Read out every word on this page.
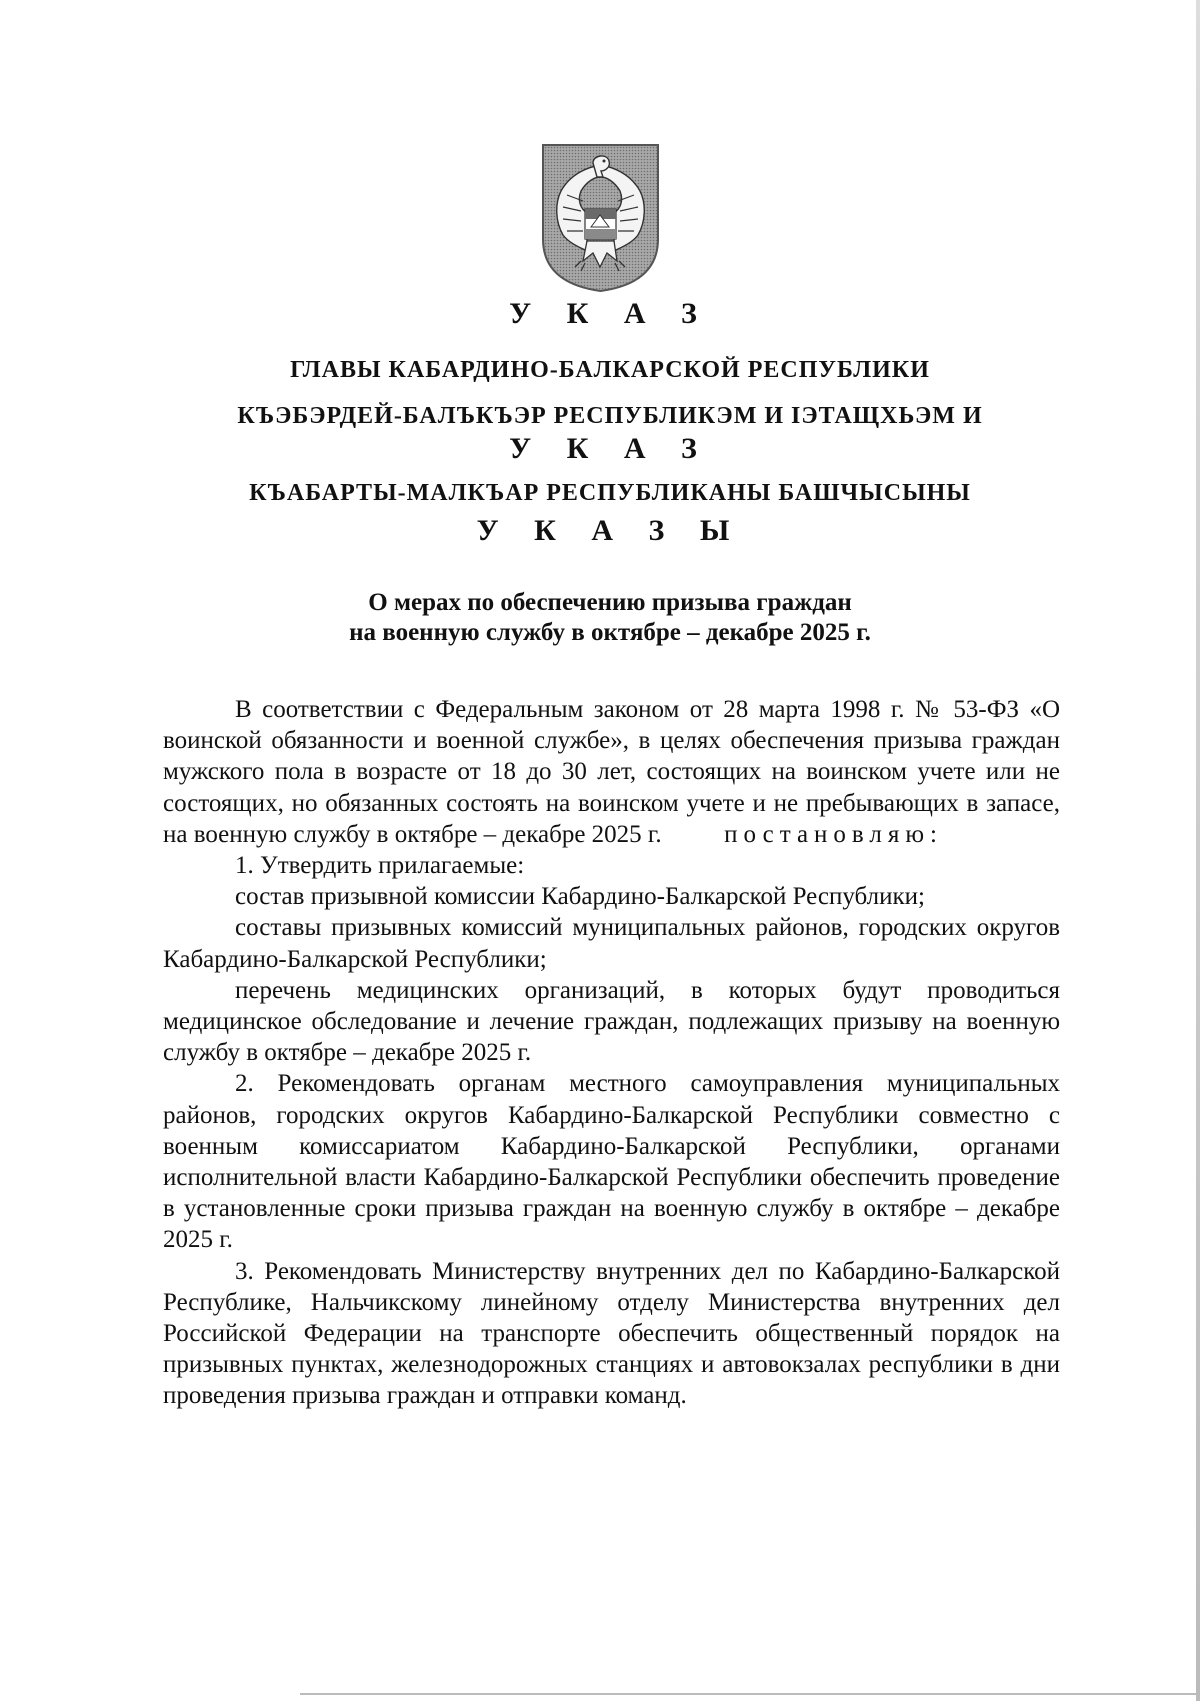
У К А З
ГЛАВЫ КАБАРДИНО-БАЛКАРСКОЙ РЕСПУБЛИКИ
КЪЭБЭРДЕЙ-БАЛЪКЪЭР РЕСПУБЛИКЭМ И IЭТАЩХЬЭМ И
У К А З
КЪАБАРТЫ-МАЛКЪАР РЕСПУБЛИКАНЫ БАШЧЫСЫНЫ
У К А З Ы
О мерах по обеспечению призыва граждан
на военную службу в октябре – декабре 2025 г.

В соответствии с Федеральным законом от 28 марта 1998 г. № 53-ФЗ «О воинской обязанности и военной службе», в целях обеспечения призыва граждан мужского пола в возрасте от 18 до 30 лет, состоящих на воинском учете или не состоящих, но обязанных состоять на воинском учете и не пребывающих в запасе, на военную службу в октябре – декабре 2025 г.	постановляю:

1. Утвердить прилагаемые:

состав призывной комиссии Кабардино-Балкарской Республики;

составы призывных комиссий муниципальных районов, городских округов Кабардино-Балкарской Республики;

перечень медицинских организаций, в которых будут проводиться медицинское обследование и лечение граждан, подлежащих призыву на военную службу в октябре – декабре 2025 г.

2. Рекомендовать органам местного самоуправления муниципальных районов, городских округов Кабардино-Балкарской Республики совместно с военным комиссариатом Кабардино-Балкарской Республики, органами исполнительной власти Кабардино-Балкарской Республики обеспечить проведение в установленные сроки призыва граждан на военную службу в октябре – декабре 2025 г.

3. Рекомендовать Министерству внутренних дел по Кабардино-Балкарской Республике, Нальчикскому линейному отделу Министерства внутренних дел Российской Федерации на транспорте обеспечить общественный порядок на призывных пунктах, железнодорожных станциях и автовокзалах республики в дни проведения призыва граждан и отправки команд.
